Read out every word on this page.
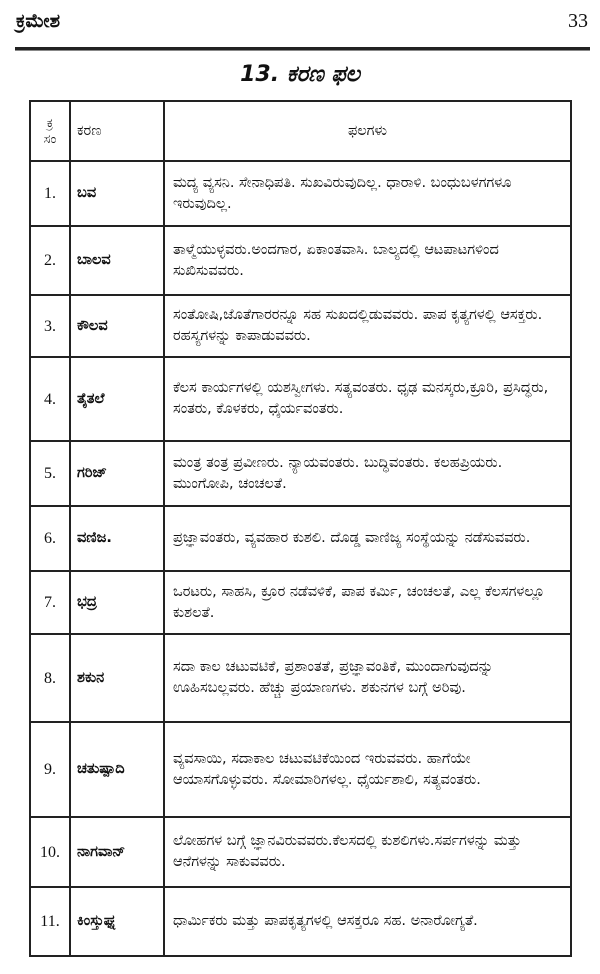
ಕ್ರಮೇಶ	33
13. ಕರಣ ಫಲ
ಕ್ರ
ಸಂ	ಕರಣ	ಫಲಗಳು
1.	ಬವ	ಮದ್ಯ ವ್ಯಸನಿ. ಸೇನಾಧಿಪತಿ. ಸುಖವಿರುವುದಿಲ್ಲ. ಧಾರಾಳಿ. ಬಂಧುಬಳಗಗಳೂ ಇರುವುದಿಲ್ಲ.
2.	ಬಾಲವ	ತಾಳ್ಮೆಯುಳ್ಳವರು.ಅಂದಗಾರ, ಏಕಾಂತವಾಸಿ. ಬಾಲ್ಯದಲ್ಲಿ ಆಟಪಾಟಗಳಿಂದ ಸುಖಿಸುವವರು.
3.	ಕೌಲವ	ಸಂತೋಷಿ,ಜೊತೆಗಾರರನ್ನೂ ಸಹ ಸುಖದಲ್ಲಿಡುವವರು. ಪಾಪ ಕೃತ್ಯಗಳಲ್ಲಿ ಆಸಕ್ತರು. ರಹಸ್ಯಗಳನ್ನು ಕಾಪಾಡುವವರು.
4.	ತೈತಲೆ	ಕೆಲಸ ಕಾರ್ಯಗಳಲ್ಲಿ ಯಶಸ್ವೀಗಳು. ಸತ್ಯವಂತರು. ಧೃಢ ಮನಸ್ಕರು,ಕ್ರೂರಿ, ಪ್ರಸಿದ್ಧರು, ಸಂತರು, ಕೊಳಕರು, ಧೈರ್ಯವಂತರು.
5.	ಗರಿಜ್	ಮಂತ್ರ ತಂತ್ರ ಪ್ರವೀಣರು. ನ್ಯಾಯವಂತರು. ಬುದ್ಧಿವಂತರು. ಕಲಹಪ್ರಿಯರು. ಮುಂಗೋಪಿ, ಚಂಚಲತೆ.
6.	ವಣಿಜ.	ಪ್ರಜ್ಞಾವಂತರು, ವ್ಯವಹಾರ ಕುಶಲಿ. ದೊಡ್ಡ ವಾಣಿಜ್ಯ ಸಂಸ್ಥೆಯನ್ನು ನಡೆಸುವವರು.
7.	ಭದ್ರ	ಒರಟರು, ಸಾಹಸಿ, ಕ್ರೂರ ನಡೆವಳಿಕೆ, ಪಾಪ ಕರ್ಮಿ, ಚಂಚಲತೆ, ಎಲ್ಲ ಕೆಲಸಗಳಲ್ಲೂ ಕುಶಲತೆ.
8.	ಶಕುನ	ಸದಾ ಕಾಲ ಚಟುವಟಿಕೆ, ಪ್ರಶಾಂತತೆ, ಪ್ರಜ್ಞಾವಂತಿಕೆ, ಮುಂದಾಗುವುದನ್ನು ಊಹಿಸಬಲ್ಲವರು. ಹೆಚ್ಚು ಪ್ರಯಾಣಗಳು. ಶಕುನಗಳ ಬಗ್ಗೆ ಅರಿವು.
9.	ಚತುಷ್ಪಾದಿ	ವ್ಯವಸಾಯಿ, ಸದಾಕಾಲ ಚಟುವಟಿಕೆಯಿಂದ ಇರುವವರು. ಹಾಗೆಯೇ ಆಯಾಸಗೊಳ್ಳುವರು. ಸೋಮಾರಿಗಳಲ್ಲ. ಧೈರ್ಯಶಾಲಿ, ಸತ್ಯವಂತರು.
10.	ನಾಗವಾನ್	ಲೋಹಗಳ ಬಗ್ಗೆ ಜ್ಞಾನವಿರುವವರು.ಕೆಲಸದಲ್ಲಿ ಕುಶಲಿಗಳು.ಸರ್ಪಗಳನ್ನು ಮತ್ತು ಆನೆಗಳನ್ನು ಸಾಕುವವರು.
11.	ಕಿಂಸ್ತುಘ್ನ	ಧಾರ್ಮಿಕರು ಮತ್ತು ಪಾಪಕೃತ್ಯಗಳಲ್ಲಿ ಆಸಕ್ತರೂ ಸಹ. ಅನಾರೋಗ್ಯತೆ.
